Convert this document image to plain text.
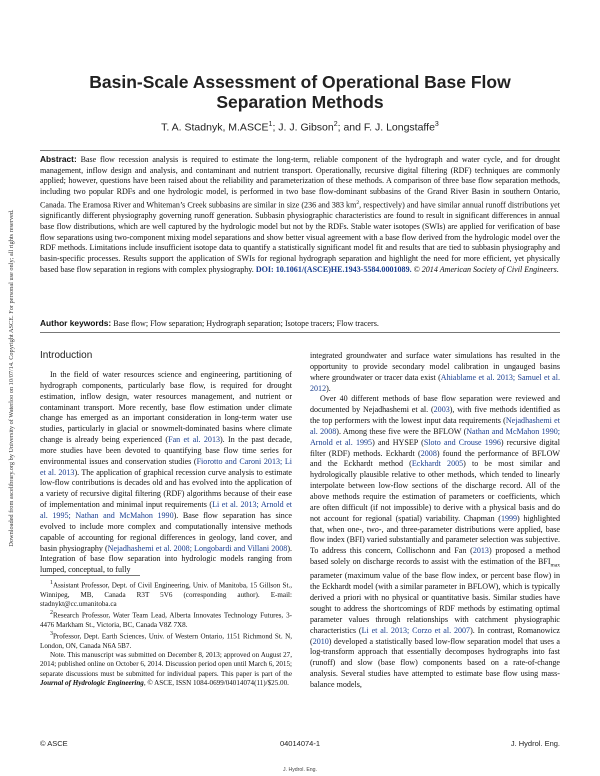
Downloaded from ascelibrary.org by University of Waterloo on 10/07/14. Copyright ASCE. For personal use only; all rights reserved.
Basin-Scale Assessment of Operational Base Flow
Separation Methods
T. A. Stadnyk, M.ASCE$^1$; J. J. Gibson$^2$; and F. J. Longstaffe$^3$
Abstract: Base flow recession analysis is required to estimate the long-term, reliable component of the hydrograph and water cycle, and for drought management, inflow design and analysis, and contaminant and nutrient transport. Operationally, recursive digital filtering (RDF) techniques are commonly applied; however, questions have been raised about the reliability and parameterization of these methods. A comparison of three base flow separation methods, including two popular RDFs and one hydrologic model, is performed in two base flow-dominant subbasins of the Grand River Basin in southern Ontario, Canada. The Eramosa River and Whiteman’s Creek subbasins are similar in size (236 and 383 $km^2$, respectively) and have similar annual runoff distributions yet significantly different physiography governing runoff generation. Subbasin physiographic characteristics are found to result in significant differences in annual base flow distributions, which are well captured by the hydrologic model but not by the RDFs. Stable water isotopes (SWIs) are applied for verification of base flow separations using two-component mixing model separations and show better visual agreement with a base flow derived from the hydrologic model over the RDF methods. Limitations include insufficient isotope data to quantify a statistically significant model fit and results that are tied to subbasin physiography and basin-specific processes. Results support the application of SWIs for regional hydrograph separation and highlight the need for more efficient, yet physically based base flow separation in regions with complex physiography. DOI: 10.1061/(ASCE)HE.1943-5584.0001089. © 2014 American Society of Civil Engineers.
Author keywords: Base flow; Flow separation; Hydrograph separation; Isotope tracers; Flow tracers.
Introduction

In the field of water resources science and engineering, partitioning of hydrograph components, particularly base flow, is required for drought estimation, inflow design, water resources management, and nutrient or contaminant transport. More recently, base flow estimation under climate change has emerged as an important consideration in long-term water use studies, particularly in glacial or snowmelt-dominated basins where climate change is already being experienced (Fan et al. 2013). In the past decade, more studies have been devoted to quantifying base flow time series for environmental issues and conservation studies (Fiorotto and Caroni 2013; Li et al. 2013). The application of graphical recession curve analysis to estimate low-flow contributions is decades old and has evolved into the application of a variety of recursive digital filtering (RDF) algorithms because of their ease of implementation and minimal input requirements (Li et al. 2013; Arnold et al. 1995; Nathan and McMahon 1990). Base flow separation has since evolved to include more complex and computationally intensive methods capable of accounting for regional differences in geology, land cover, and basin physiography (Nejadhashemi et al. 2008; Longobardi and Villani 2008). Integration of base flow separation into hydrologic models ranging from lumped, conceptual, to fully

$^1$Assistant Professor, Dept. of Civil Engineering, Univ. of Manitoba, 15 Gillson St., Winnipeg, MB, Canada R3T 5V6 (corresponding author). E-mail: stadnykt@cc.umanitoba.ca

$^2$Research Professor, Water Team Lead, Alberta Innovates Technology Futures, 3-4476 Markham St., Victoria, BC, Canada V8Z 7X8.

$^3$Professor, Dept. Earth Sciences, Univ. of Western Ontario, 1151 Richmond St. N, London, ON, Canada N6A 5B7.

Note. This manuscript was submitted on December 8, 2013; approved on August 27, 2014; published online on October 6, 2014. Discussion period open until March 6, 2015; separate discussions must be submitted for individual papers. This paper is part of the Journal of Hydrologic Engineering, © ASCE, ISSN 1084-0699/04014074(11)/$25.00.

integrated groundwater and surface water simulations has resulted in the opportunity to provide secondary model calibration in ungauged basins where groundwater or tracer data exist (Ahiablame et al. 2013; Samuel et al. 2012).

Over 40 different methods of base flow separation were reviewed and documented by Nejadhashemi et al. (2003), with five methods identified as the top performers with the lowest input data requirements (Nejadhashemi et al. 2008). Among these five were the BFLOW (Nathan and McMahon 1990; Arnold et al. 1995) and HYSEP (Sloto and Crouse 1996) recursive digital filter (RDF) methods. Eckhardt (2008) found the performance of BFLOW and the Eckhardt method (Eckhardt 2005) to be most similar and hydrologically plausible relative to other methods, which tended to linearly interpolate between low-flow sections of the discharge record. All of the above methods require the estimation of parameters or coefficients, which are often difficult (if not impossible) to derive with a physical basis and do not account for regional (spatial) variability. Chapman (1999) highlighted that, when one-, two-, and three-parameter distributions were applied, base flow index (BFI) varied substantially and parameter selection was subjective. To address this concern, Collischonn and Fan (2013) proposed a method based solely on discharge records to assist with the estimation of the $BFI_{max}$ parameter (maximum value of the base flow index, or percent base flow) in the Eckhardt model (with a similar parameter in BFLOW), which is typically derived a priori with no physical or quantitative basis. Similar studies have sought to address the shortcomings of RDF methods by estimating optimal parameter values through relationships with catchment physiographic characteristics (Li et al. 2013; Corzo et al. 2007). In contrast, Romanowicz (2010) developed a statistically based low-flow separation model that uses a log-transform approach that essentially decomposes hydrographs into fast (runoff) and slow (base flow) components based on a rate-of-change analysis. Several studies have attempted to estimate base flow using mass-balance models,

© ASCE	04014074-1	J. Hydrol. Eng.
J. Hydrol. Eng.
